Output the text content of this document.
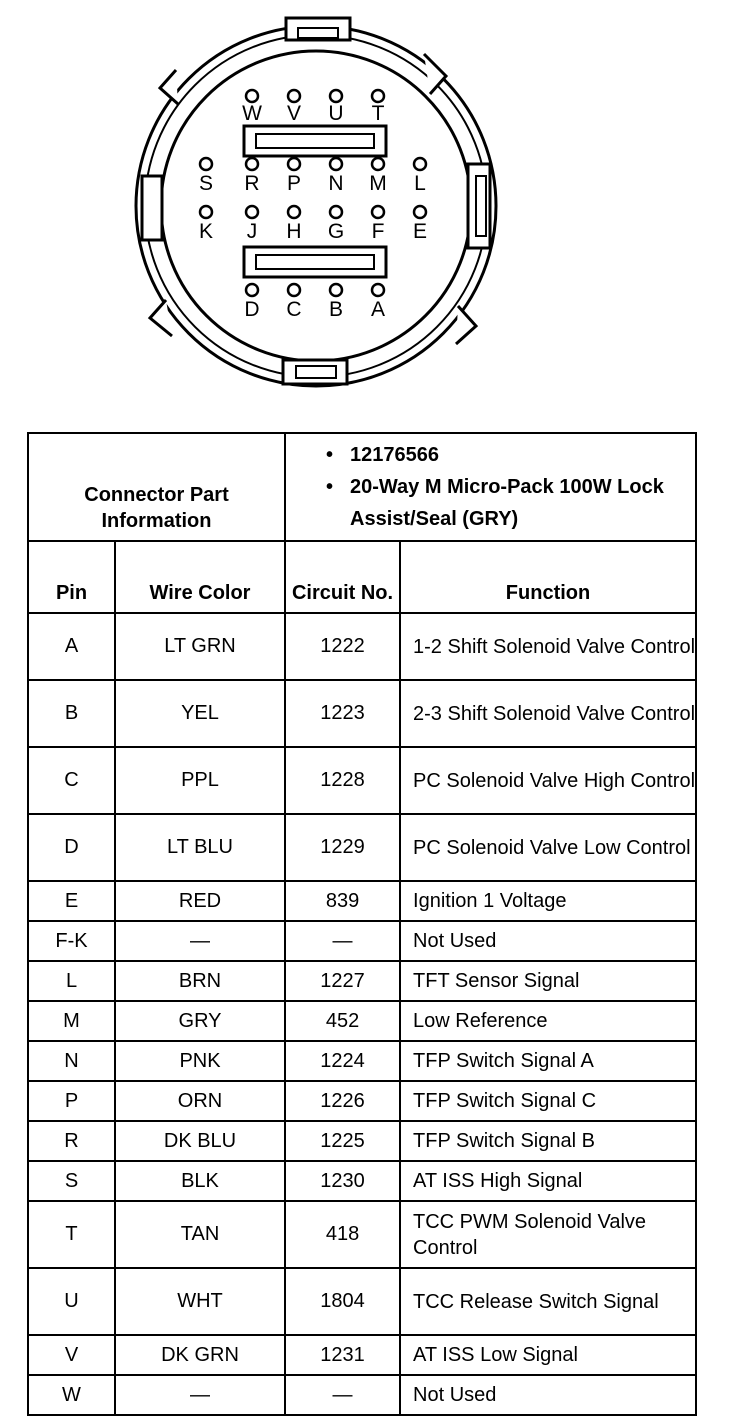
W V U T
S R P N M L
K J H G F E
D C B A
Connector Part Information		• 12176566
• 20-Way M Micro-Pack 100W Lock Assist/Seal (GRY)	

Pin	Wire Color	Circuit No.	Function
A	LT GRN	1222	1-2 Shift Solenoid Valve Control
B	YEL	1223	2-3 Shift Solenoid Valve Control
C	PPL	1228	PC Solenoid Valve High Control
D	LT BLU	1229	PC Solenoid Valve Low Control
E	RED	839	Ignition 1 Voltage
F-K	—	—	Not Used
L	BRN	1227	TFT Sensor Signal
M	GRY	452	Low Reference
N	PNK	1224	TFP Switch Signal A
P	ORN	1226	TFP Switch Signal C
R	DK BLU	1225	TFP Switch Signal B
S	BLK	1230	AT ISS High Signal
T	TAN	418	TCC PWM Solenoid Valve Control
U	WHT	1804	TCC Release Switch Signal
V	DK GRN	1231	AT ISS Low Signal
W	—	—	Not Used
